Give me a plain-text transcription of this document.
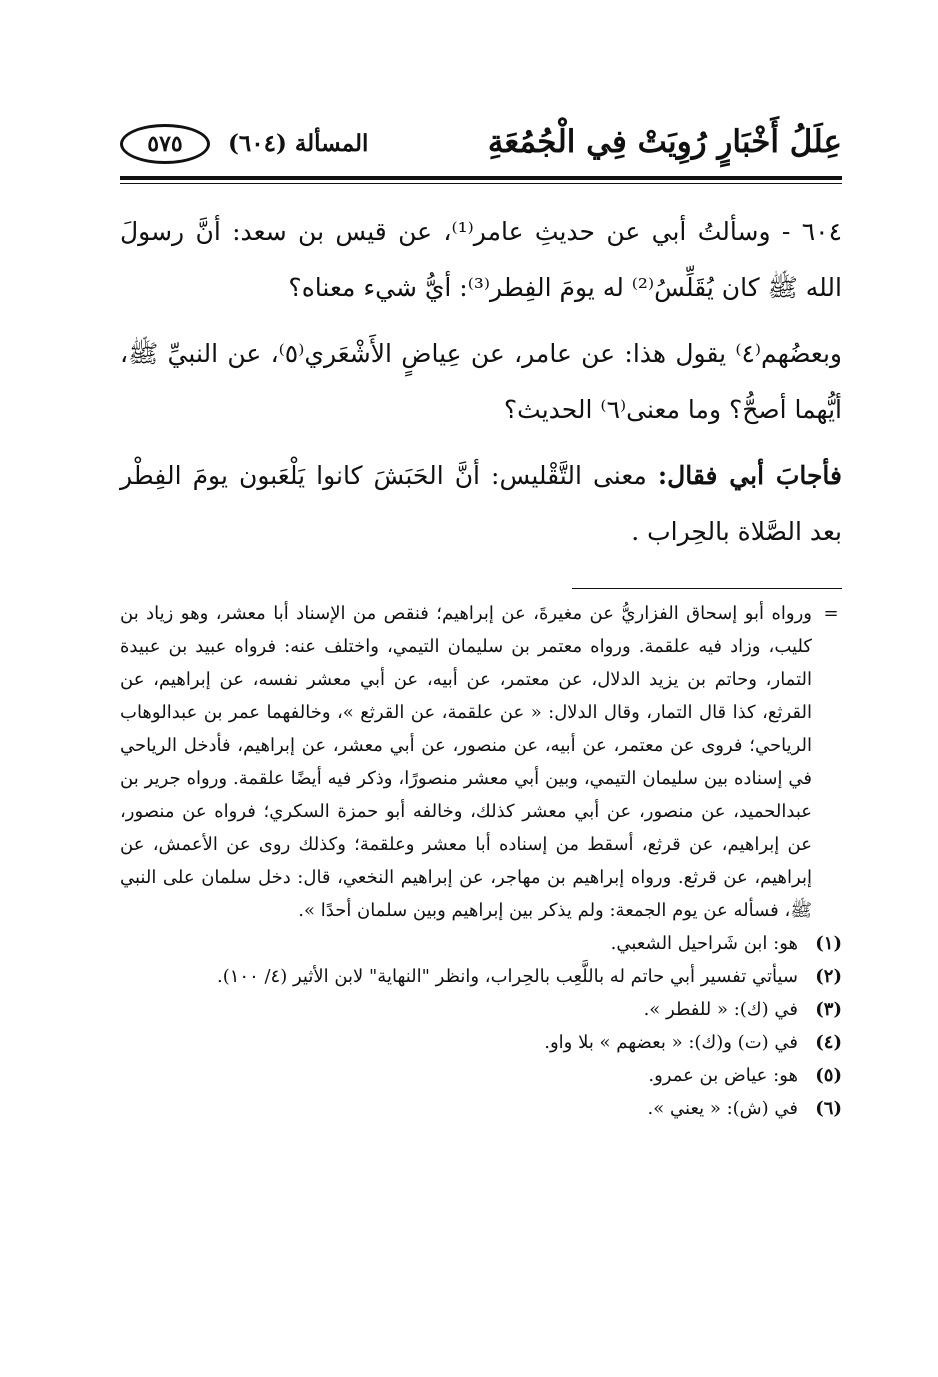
عِلَلُ أَخْبَارٍ رُوِيَتْ فِي الْجُمُعَةِ
المسألة (٦٠٤)
٥٧٥

٦٠٤ - وسألتُ أبي عن حديثِ عامر⁽¹⁾، عن قيس بن سعد: أنَّ رسولَ الله ﷺ كان يُقَلِّسُ⁽²⁾ له يومَ الفِطر⁽³⁾: أيُّ شيء معناه؟

وبعضُهم⁽٤⁾ يقول هذا: عن عامر، عن عِياضٍ الأَشْعَري⁽٥⁾، عن النبيِّ ﷺ، أيُّهما أصحُّ؟ وما معنى⁽٦⁾ الحديث؟

فأجابَ أبي فقال: معنى التَّقْليس: أنَّ الحَبَشَ كانوا يَلْعَبون يومَ الفِطْر بعد الصَّلاة بالحِراب .

=
ورواه أبو إسحاق الفزاريُّ عن مغيرةَ، عن إبراهيم؛ فنقص من الإسناد أبا معشر، وهو زياد بن كليب، وزاد فيه علقمة. ورواه معتمر بن سليمان التيمي، واختلف عنه: فرواه عبيد بن عبيدة التمار، وحاتم بن يزيد الدلال، عن معتمر، عن أبيه، عن أبي معشر نفسه، عن إبراهيم، عن القرثع، كذا قال التمار، وقال الدلال: « عن علقمة، عن القرثع »، وخالفهما عمر بن عبدالوهاب الرياحي؛ فروى عن معتمر، عن أبيه، عن منصور، عن أبي معشر، عن إبراهيم، فأدخل الرياحي في إسناده بين سليمان التيمي، وبين أبي معشر منصورًا، وذكر فيه أيضًا علقمة. ورواه جرير بن عبدالحميد، عن منصور، عن أبي معشر كذلك، وخالفه أبو حمزة السكري؛ فرواه عن منصور، عن إبراهيم، عن قرثع، أسقط من إسناده أبا معشر وعلقمة؛ وكذلك روى عن الأعمش، عن إبراهيم، عن قرثع. ورواه إبراهيم بن مهاجر، عن إبراهيم النخعي، قال: دخل سلمان على النبي ﷺ، فسأله عن يوم الجمعة: ولم يذكر بين إبراهيم وبين سلمان أحدًا ».
(١)
هو: ابن شَراحيل الشعبي.
(٢)
سيأتي تفسير أبي حاتم له باللَّعِب بالحِراب، وانظر "النهاية" لابن الأثير (٤/ ١٠٠).
(٣)
في (ك): « للفطر ».
(٤)
في (ت) و(ك): « بعضهم » بلا واو.
(٥)
هو: عياض بن عمرو.
(٦)
في (ش): « يعني ».
